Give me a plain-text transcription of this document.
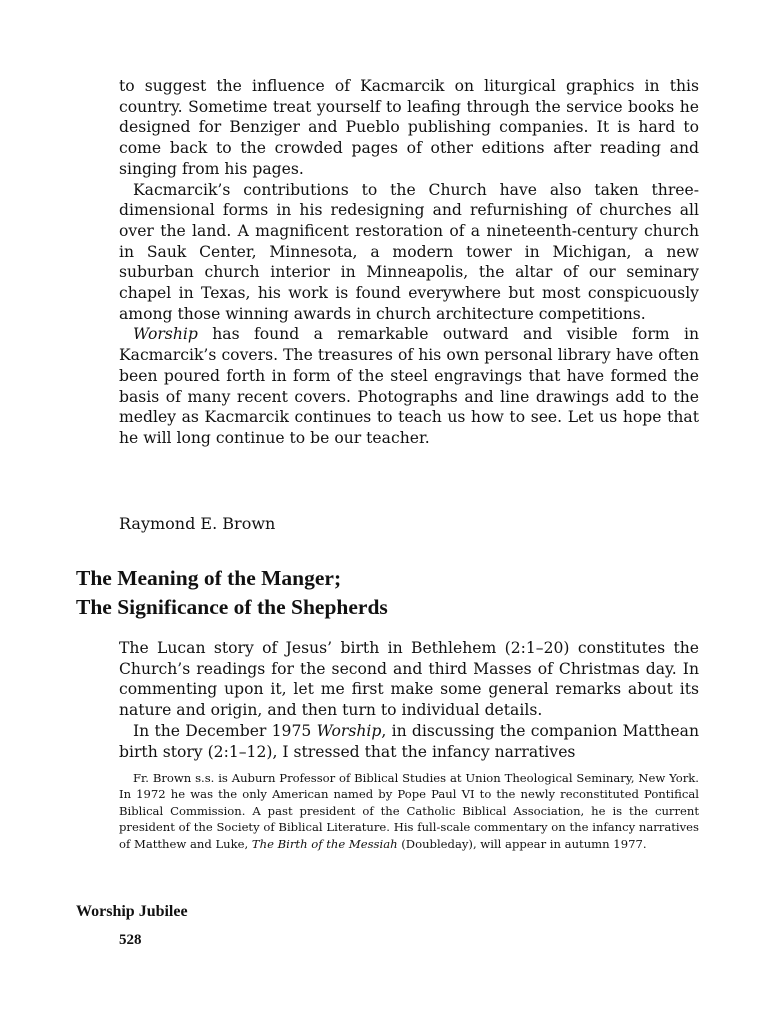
to suggest the influence of Kacmarcik on liturgical graphics in this country. Sometime treat yourself to leafing through the service books he designed for Benziger and Pueblo publishing companies. It is hard to come back to the crowded pages of other editions after reading and singing from his pages.

Kacmarcik’s contributions to the Church have also taken three-dimensional forms in his redesigning and refurnishing of churches all over the land. A magnificent restoration of a nineteenth-century church in Sauk Center, Minnesota, a modern tower in Michigan, a new suburban church interior in Minneapolis, the altar of our seminary chapel in Texas, his work is found everywhere but most conspicuously among those winning awards in church architecture competitions.

Worship has found a remarkable outward and visible form in Kacmarcik’s covers. The treasures of his own personal library have often been poured forth in form of the steel engravings that have formed the basis of many recent covers. Photographs and line drawings add to the medley as Kacmarcik continues to teach us how to see. Let us hope that he will long continue to be our teacher.

Raymond E. Brown
The Meaning of the Manger;
The Significance of the Shepherds

The Lucan story of Jesus’ birth in Bethlehem (2:1–20) constitutes the Church’s readings for the second and third Masses of Christmas day. In commenting upon it, let me first make some general remarks about its nature and origin, and then turn to individual details.

In the December 1975 Worship, in discussing the companion Matthean birth story (2:1–12), I stressed that the infancy narratives

Fr. Brown s.s. is Auburn Professor of Biblical Studies at Union Theological Seminary, New York. In 1972 he was the only American named by Pope Paul VI to the newly reconstituted Pontifical Biblical Commission. A past president of the Catholic Biblical Association, he is the current president of the Society of Biblical Literature. His full-scale commentary on the infancy narratives of Matthew and Luke, The Birth of the Messiah (Doubleday), will appear in autumn 1977.

Worship Jubilee
528
